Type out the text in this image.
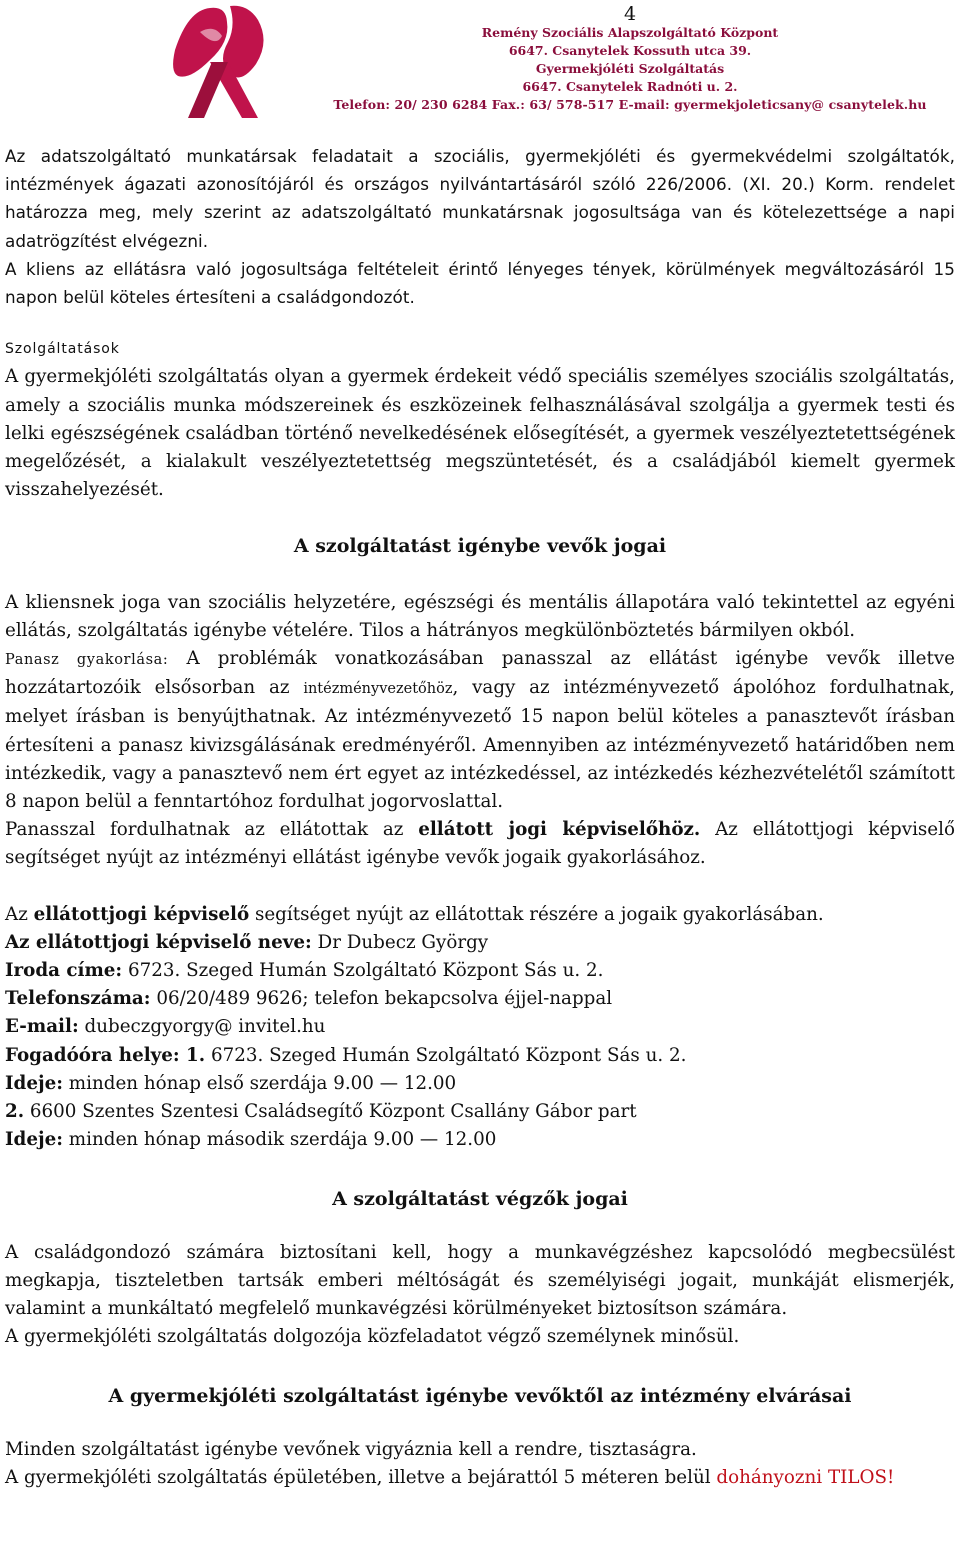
4
Remény Szociális Alapszolgáltató Központ
6647. Csanytelek Kossuth utca 39.
Gyermekjóléti Szolgáltatás
6647. Csanytelek Radnóti u. 2.
Telefon: 20/ 230 6284 Fax.: 63/ 578-517 E-mail: gyermekjoleticsany@ csanytelek.hu

Az adatszolgáltató munkatársak feladatait a szociális, gyermekjóléti és gyermekvédelmi szolgáltatók, intézmények ágazati azonosítójáról és országos nyilvántartásáról szóló 226/2006. (XI. 20.) Korm. rendelet határozza meg, mely szerint az adatszolgáltató munkatársnak jogosultsága van és kötelezettsége a napi adatrögzítést elvégezni.

A kliens az ellátásra való jogosultsága feltételeit érintő lényeges tények, körülmények megváltozásáról 15 napon belül köteles értesíteni a családgondozót.

Szolgáltatások

A gyermekjóléti szolgáltatás olyan a gyermek érdekeit védő speciális személyes szociális szolgáltatás, amely a szociális munka módszereinek és eszközeinek felhasználásával szolgálja a gyermek testi és lelki egészségének családban történő nevelkedésének elősegítését, a gyermek veszélyeztetettségének megelőzését, a kialakult veszélyeztetettség megszüntetését, és a családjából kiemelt gyermek visszahelyezését.

A szolgáltatást igénybe vevők jogai

A kliensnek joga van szociális helyzetére, egészségi és mentális állapotára való tekintettel az egyéni ellátás, szolgáltatás igénybe vételére. Tilos a hátrányos megkülönböztetés bármilyen okból.

Panasz gyakorlása: A problémák vonatkozásában panasszal az ellátást igénybe vevők illetve hozzátartozóik elsősorban az intézményvezetőhöz, vagy az intézményvezető ápolóhoz fordulhatnak, melyet írásban is benyújthatnak. Az intézményvezető 15 napon belül köteles a panasztevőt írásban értesíteni a panasz kivizsgálásának eredményéről. Amennyiben az intézményvezető határidőben nem intézkedik, vagy a panasztevő nem ért egyet az intézkedéssel, az intézkedés kézhezvételétől számított 8 napon belül a fenntartóhoz fordulhat jogorvoslattal.

Panasszal fordulhatnak az ellátottak az ellátott jogi képviselőhöz. Az ellátottjogi képviselő segítséget nyújt az intézményi ellátást igénybe vevők jogaik gyakorlásához.

Az ellátottjogi képviselő segítséget nyújt az ellátottak részére a jogaik gyakorlásában.

Az ellátottjogi képviselő neve: Dr Dubecz György

Iroda címe: 6723. Szeged Humán Szolgáltató Központ Sás u. 2.

Telefonszáma: 06/20/489 9626; telefon bekapcsolva éjjel-nappal

E-mail: dubeczgyorgy@ invitel.hu

Fogadóóra helye: 1. 6723. Szeged Humán Szolgáltató Központ Sás u. 2.

Ideje: minden hónap első szerdája 9.00 — 12.00

2. 6600 Szentes Szentesi Családsegítő Központ Csallány Gábor part

Ideje: minden hónap második szerdája 9.00 — 12.00

A szolgáltatást végzők jogai

A családgondozó számára biztosítani kell, hogy a munkavégzéshez kapcsolódó megbecsülést megkapja, tiszteletben tartsák emberi méltóságát és személyiségi jogait, munkáját elismerjék, valamint a munkáltató megfelelő munkavégzési körülményeket biztosítson számára.

A gyermekjóléti szolgáltatás dolgozója közfeladatot végző személynek minősül.

A gyermekjóléti szolgáltatást igénybe vevőktől az intézmény elvárásai

Minden szolgáltatást igénybe vevőnek vigyáznia kell a rendre, tisztaságra.

A gyermekjóléti szolgáltatás épületében, illetve a bejárattól 5 méteren belül dohányozni TILOS!
